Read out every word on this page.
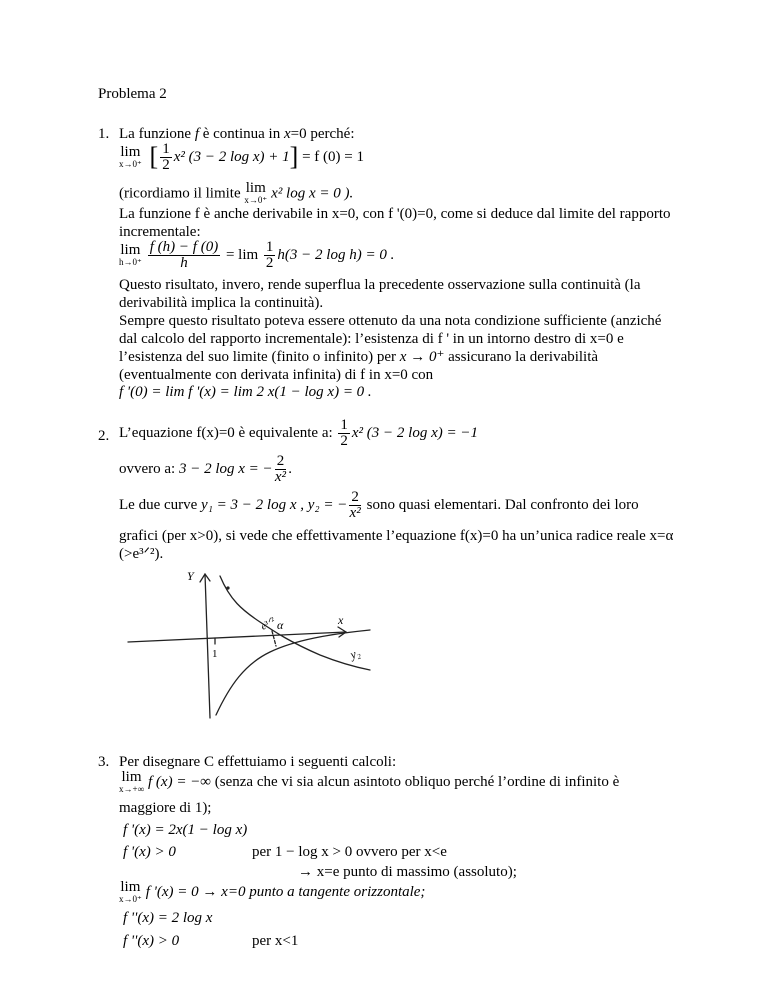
Problema 2
1. La funzione f è continua in x=0 perché:
lim
x→0⁺ [ $\frac{1}{2} x^2$ (3 − 2 log x) + 1] = f (0) = 1
(ricordiamo il limite lim
x→0⁺ x² log x = 0 ).
La funzione f è anche derivabile in x=0, con f '(0)=0, come si deduce dal limite del rapporto
incrementale:
lim
$h\to 0^+ \frac{f (h) - f (0)}{h} = \lim \frac{1}{2} h(3 - 2$ log h) = 0 .
Questo risultato, invero, rende superflua la precedente osservazione sulla continuità (la
derivabilità implica la continuità).
Sempre questo risultato poteva essere ottenuto da una nota condizione sufficiente (anziché
dal calcolo del rapporto incrementale): l’esistenza di f ' in un intorno destro di x=0 e
l’esistenza del suo limite (finito o infinito) per x → 0⁺ assicurano la derivabilità
(eventualmente con derivata infinita) di f in x=0 con
f '(0) = lim f '(x) = lim 2 x(1 − log x) = 0 .
2. L’equazione f(x)=0 è equivalente a: $\frac{1}{2} x^2$ (3 − 2 log x) = −1
ovvero a: 3 − 2 log x = − $\frac{2}{\text{x²}}$ .
Le due curve y₁ = 3 − 2 log x , y₂ = − $\frac{2}{\text{x²}}$ sono quasi elementari. Dal confronto dei loro
grafici (per x>0), si vede che effettivamente l’equazione f(x)=0 ha un’unica radice reale x=α
(>e³ᐟ²).
Y
x
1
e³ᐟ² α
y₂
3. Per disegnare C effettuiamo i seguenti calcoli:
lim
x→+∞ f (x) = −∞ (senza che vi sia alcun asintoto obliquo perché l’ordine di infinito è
maggiore di 1);
f '(x) = 2x(1 − log x)
f '(x) > 0	per 1 − log x > 0 ovvero per x<e
→ x=e punto di massimo (assoluto);
lim
x→0⁺ f '(x) = 0 → x=0 punto a tangente orizzontale;
f ''(x) = 2 log x
f ''(x) > 0	per x<1
